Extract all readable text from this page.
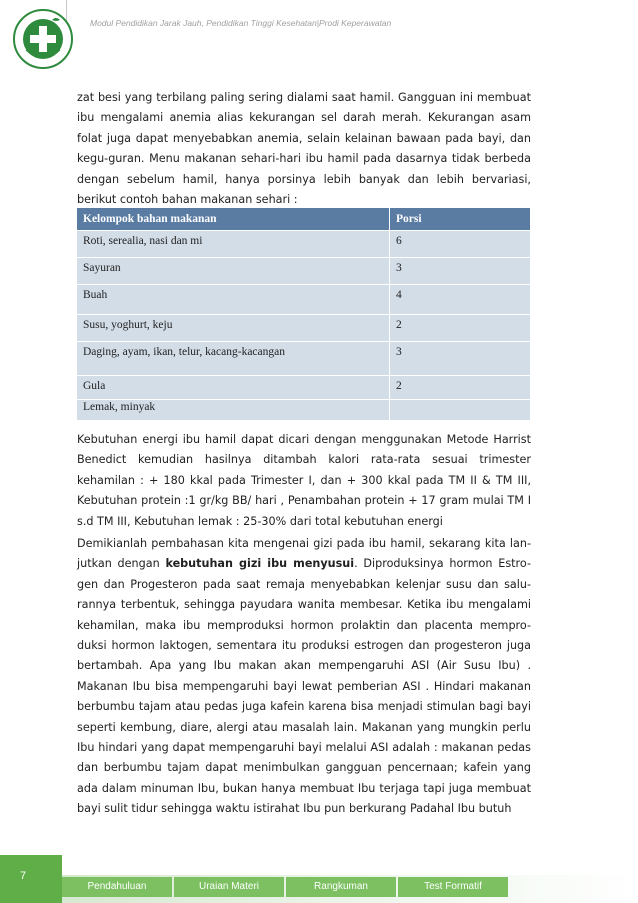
Modul Pendidikan Jarak Jauh, Pendidikan Tinggi Kesehatan|Prodi Keperawatan

zat besi yang terbilang paling sering dialami saat hamil. Gangguan ini membuat ibu mengalami anemia alias kekurangan sel darah merah. Kekurangan asam folat juga dapat menyebabkan anemia, selain kelainan bawaan pada bayi, dan kegu-guran. Menu makanan sehari-hari ibu hamil pada dasarnya tidak berbeda dengan sebelum hamil, hanya porsinya lebih banyak dan lebih bervariasi, berikut contoh bahan makanan sehari :

Kelompok bahan makanan	Porsi
Roti, serealia, nasi dan mi	6
Sayuran	3
Buah	4
Susu, yoghurt, keju	2
Daging, ayam, ikan, telur, kacang-kacangan	3
Gula	2
Lemak, minyak	

Kebutuhan energi ibu hamil dapat dicari dengan menggunakan Metode Harrist Benedict kemudian hasilnya ditambah kalori rata-rata sesuai trimester kehamilan : + 180 kkal pada Trimester I, dan + 300 kkal pada TM II & TM III, Kebutuhan protein :1 gr/kg BB/ hari , Penambahan protein + 17 gram mulai TM I s.d TM III, Kebutuhan lemak : 25-30% dari total kebutuhan energi

Demikianlah pembahasan kita mengenai gizi pada ibu hamil, sekarang kita lan-jutkan dengan kebutuhan gizi ibu menyusui. Diproduksinya hormon Estro-gen dan Progesteron pada saat remaja menyebabkan kelenjar susu dan salu-rannya terbentuk, sehingga payudara wanita membesar. Ketika ibu mengalami kehamilan, maka ibu memproduksi hormon prolaktin dan placenta mempro-duksi hormon laktogen, sementara itu produksi estrogen dan progesteron juga bertambah. Apa yang Ibu makan akan mempengaruhi ASI (Air Susu Ibu) . Makanan Ibu bisa mempengaruhi bayi lewat pemberian ASI . Hindari makanan berbumbu tajam atau pedas juga kafein karena bisa menjadi stimulan bagi bayi seperti kembung, diare, alergi atau masalah lain. Makanan yang mungkin perlu Ibu hindari yang dapat mempengaruhi bayi melalui ASI adalah : makanan pedas dan berbumbu tajam dapat menimbulkan gangguan pencernaan; kafein yang ada dalam minuman Ibu, bukan hanya membuat Ibu terjaga tapi juga membuat bayi sulit tidur sehingga waktu istirahat Ibu pun berkurang Padahal Ibu butuh

7
Pendahuluan	Uraian Materi	Rangkuman	Test Formatif
